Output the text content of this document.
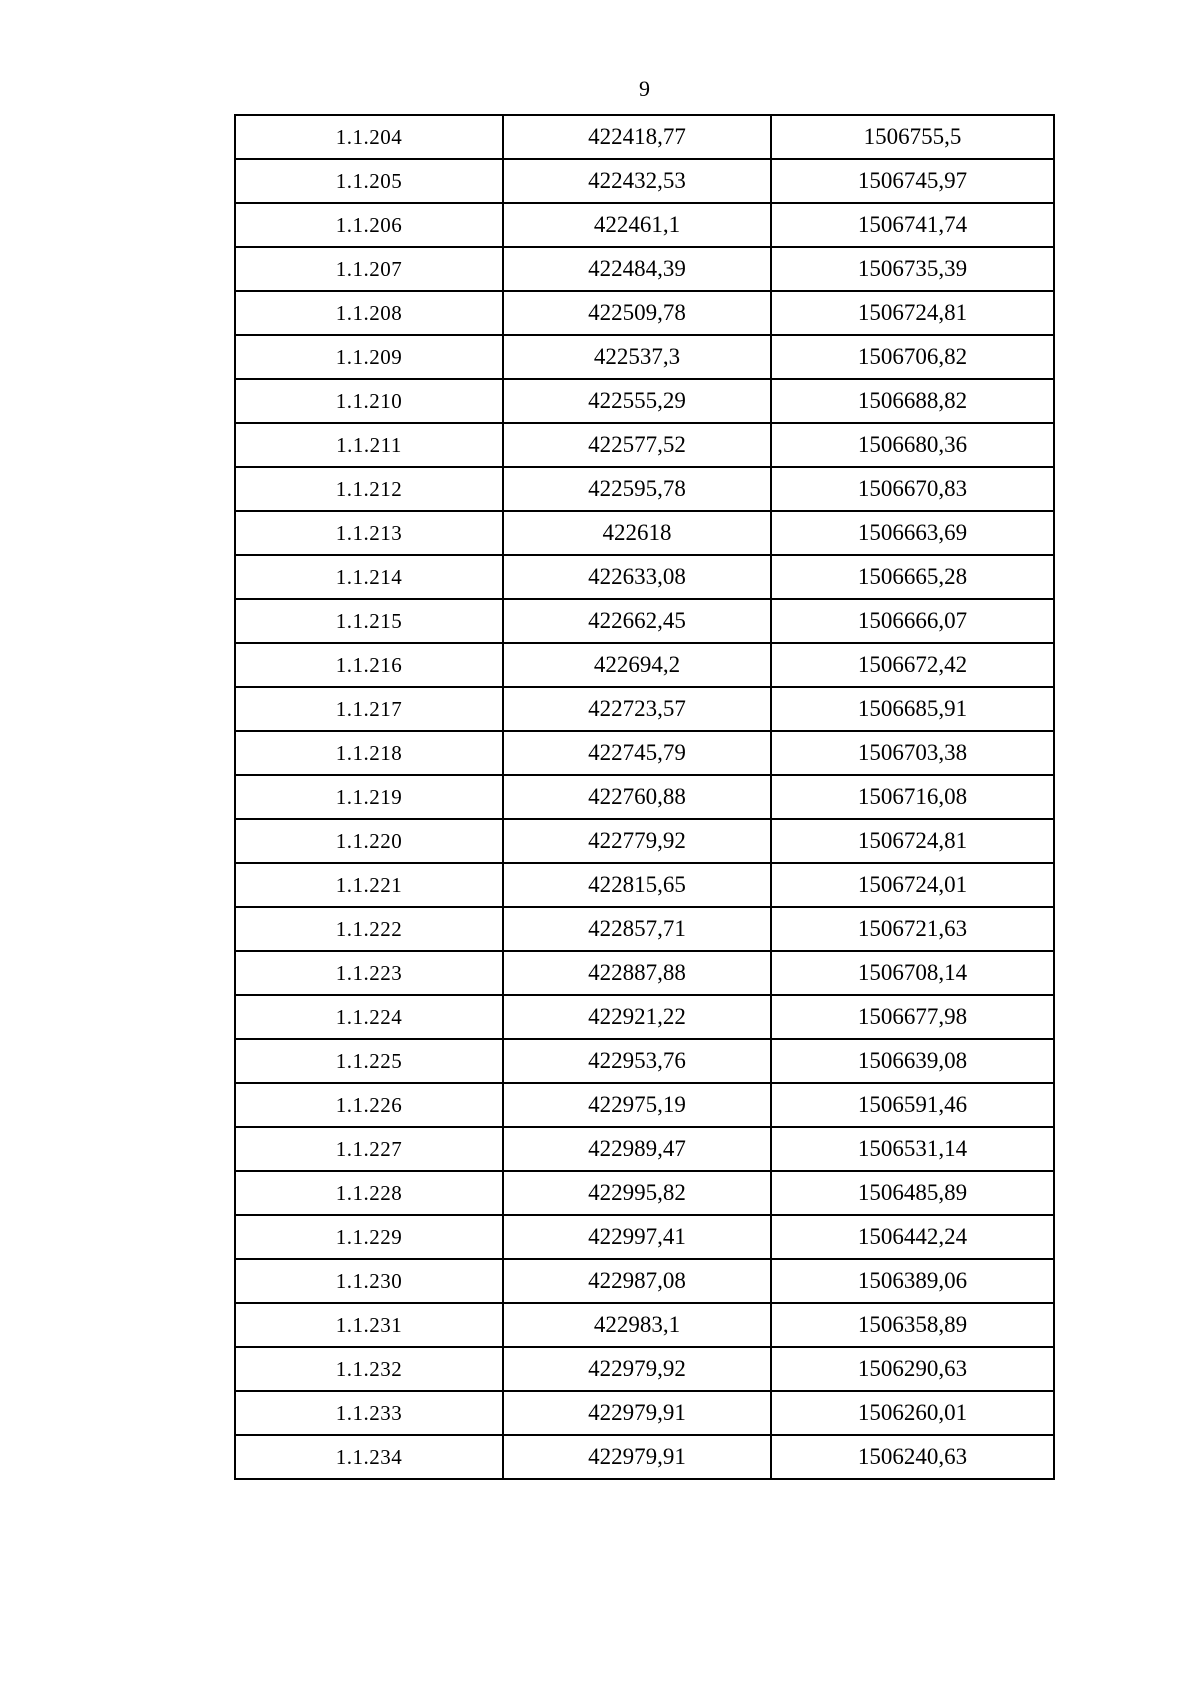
9
1.1.204	422418,77	1506755,5
1.1.205	422432,53	1506745,97
1.1.206	422461,1	1506741,74
1.1.207	422484,39	1506735,39
1.1.208	422509,78	1506724,81
1.1.209	422537,3	1506706,82
1.1.210	422555,29	1506688,82
1.1.211	422577,52	1506680,36
1.1.212	422595,78	1506670,83
1.1.213	422618	1506663,69
1.1.214	422633,08	1506665,28
1.1.215	422662,45	1506666,07
1.1.216	422694,2	1506672,42
1.1.217	422723,57	1506685,91
1.1.218	422745,79	1506703,38
1.1.219	422760,88	1506716,08
1.1.220	422779,92	1506724,81
1.1.221	422815,65	1506724,01
1.1.222	422857,71	1506721,63
1.1.223	422887,88	1506708,14
1.1.224	422921,22	1506677,98
1.1.225	422953,76	1506639,08
1.1.226	422975,19	1506591,46
1.1.227	422989,47	1506531,14
1.1.228	422995,82	1506485,89
1.1.229	422997,41	1506442,24
1.1.230	422987,08	1506389,06
1.1.231	422983,1	1506358,89
1.1.232	422979,92	1506290,63
1.1.233	422979,91	1506260,01
1.1.234	422979,91	1506240,63
